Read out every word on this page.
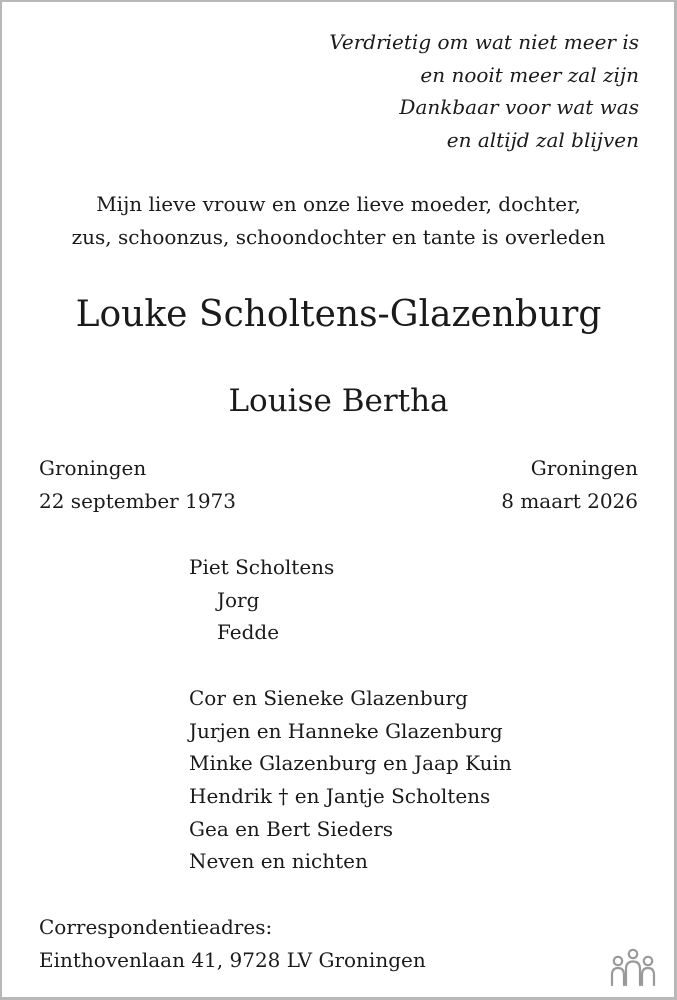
Verdrietig om wat niet meer is
en nooit meer zal zijn
Dankbaar voor wat was
en altijd zal blijven
Mijn lieve vrouw en onze lieve moeder, dochter,
zus, schoonzus, schoondochter en tante is overleden
Louke Scholtens-Glazenburg
Louise Bertha
Groningen
22 september 1973
Groningen
8 maart 2026
Piet Scholtens
Jorg
Fedde
Cor en Sieneke Glazenburg
Jurjen en Hanneke Glazenburg
Minke Glazenburg en Jaap Kuin
Hendrik † en Jantje Scholtens
Gea en Bert Sieders
Neven en nichten
Correspondentieadres:
Einthovenlaan 41, 9728 LV Groningen
